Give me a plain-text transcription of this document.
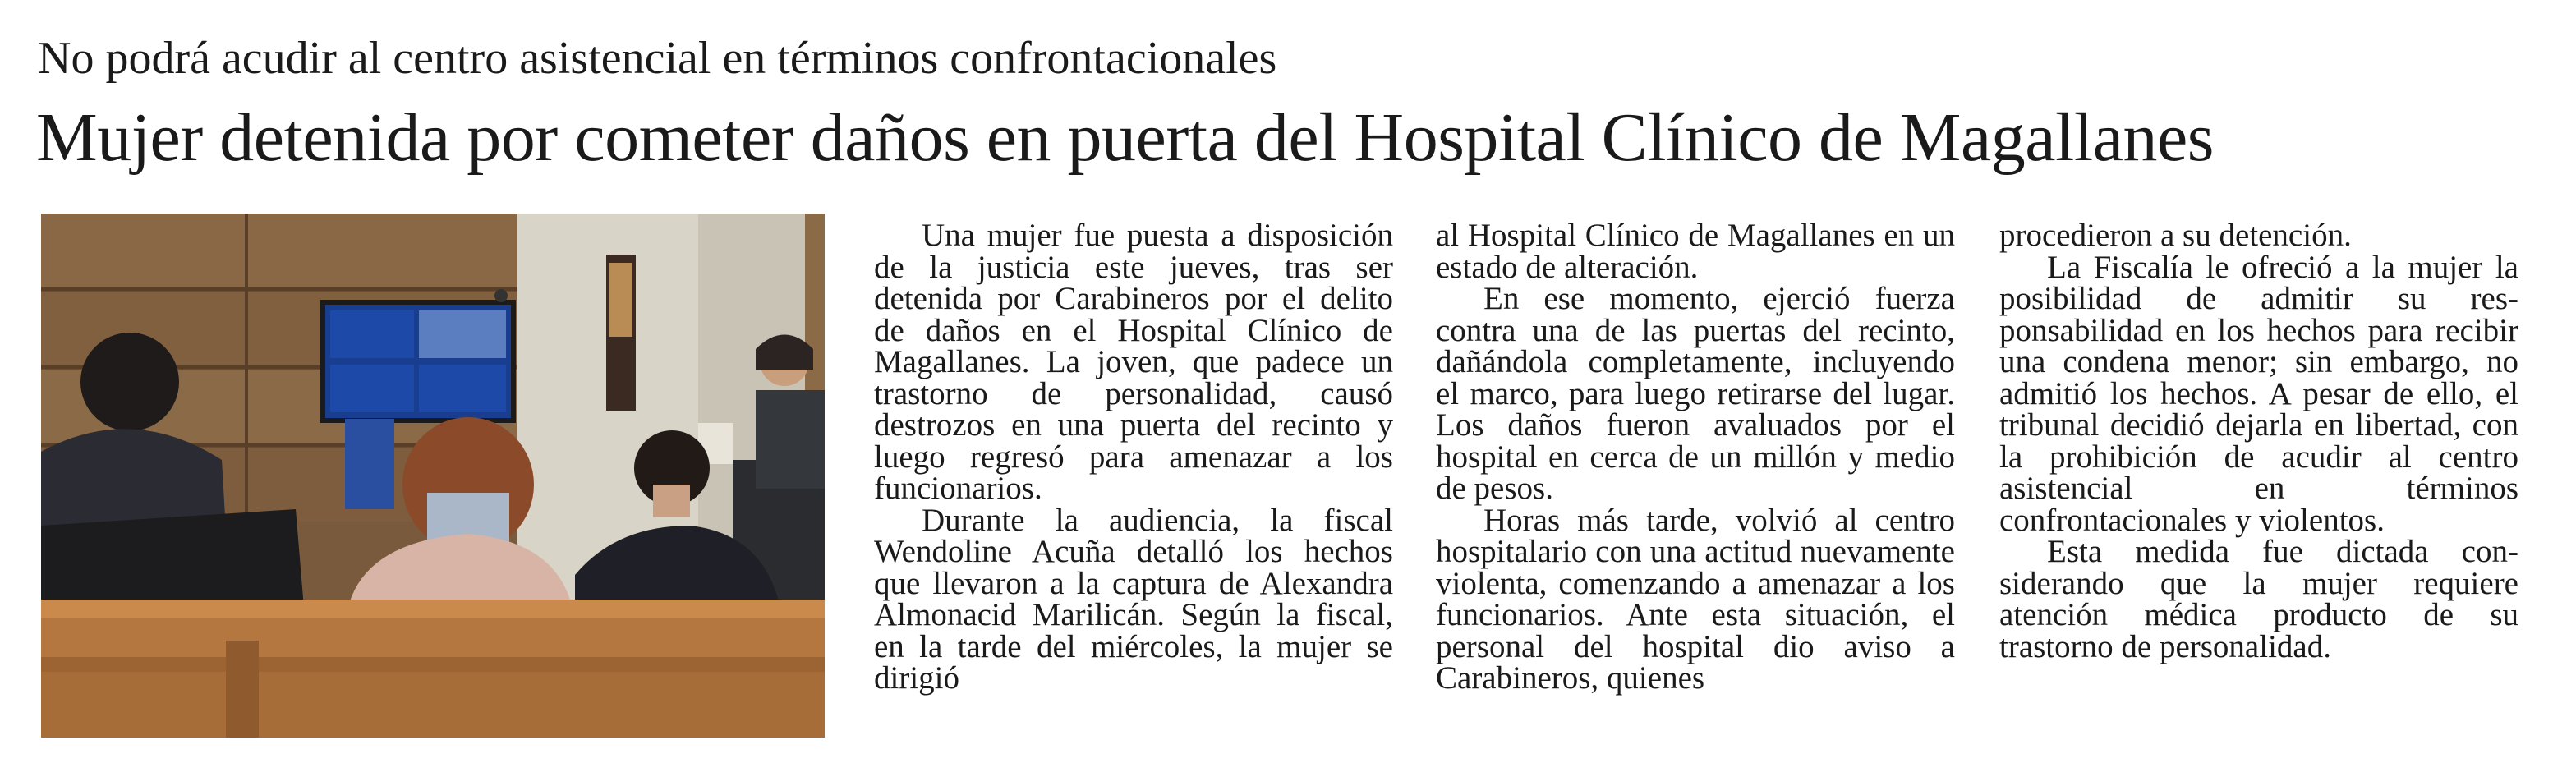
No podrá acudir al centro asistencial en términos confrontacionales
Mujer detenida por cometer daños en puerta del Hospital Clínico de Magallanes

Una mujer fue puesta a disposición de la justicia este jueves, tras ser detenida por Carabineros por el delito de daños en el Hospital Clínico de Magallanes. La joven, que padece un trastorno de personalidad, causó destrozos en una puerta del recinto y luego regresó para amenazar a los funcionarios.

Durante la audiencia, la fiscal Wendoline Acuña detalló los hechos que llevaron a la captura de Alexandra Almonacid Marilicán. Según la fiscal, en la tarde del miércoles, la mujer se dirigió

al Hospital Clínico de Magallanes en un estado de alteración.

En ese momento, ejerció fuerza contra una de las puertas del recinto, dañándola completamente, incluyendo el marco, para luego retirarse del lugar. Los daños fueron avaluados por el hospital en cerca de un millón y medio de pesos.

Horas más tarde, volvió al centro hospitalario con una actitud nuevamente violenta, comenzando a amenazar a los funcionarios. Ante esta situación, el personal del hospital dio aviso a Carabineros, quienes

procedieron a su detención.

La Fiscalía le ofreció a la mujer la posibilidad de admitir su responsabilidad en los hechos para recibir una condena menor; sin embargo, no admitió los hechos. A pesar de ello, el tribunal decidió dejarla en libertad, con la prohibición de acudir al centro asistencial en términos confrontacionales y violentos.

Esta medida fue dictada considerando que la mujer requiere atención médica producto de su trastorno de personalidad.
